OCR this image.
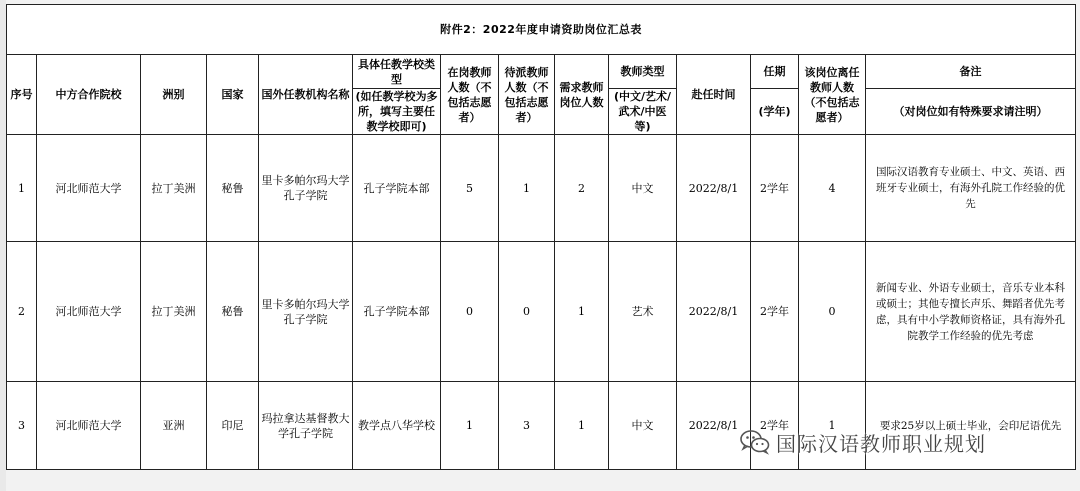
附件2：2022年度申请资助岗位汇总表													
序号	中方合作院校	洲别	国家	国外任教机构名称	具体任教学校类型	在岗教师人数（不包括志愿者）	待派教师人数（不包括志愿者）	需求教师岗位人数	教师类型	赴任时间	任期	该岗位离任教师人数
（不包括志愿者）	备注
					(如任教学校为多所，填写主要任教学校即可)				(中文/艺术/武术/中医等)		(学年)		（对岗位如有特殊要求请注明）
1	河北师范大学	拉丁美洲	秘鲁	里卡多帕尔玛大学孔子学院	孔子学院本部	5	1	2	中文	2022/8/1	2学年	4	国际汉语教育专业硕士、中文、英语、西班牙专业硕士，有海外孔院工作经验的优先
2	河北师范大学	拉丁美洲	秘鲁	里卡多帕尔玛大学孔子学院	孔子学院本部	0	0	1	艺术	2022/8/1	2学年	0	新闻专业、外语专业硕士，音乐专业本科或硕士；其他专擅长声乐、舞蹈者优先考虑，具有中小学教师资格证，具有海外孔院教学工作经验的优先考虑
3	河北师范大学	亚洲	印尼	玛拉拿达基督教大学孔子学院	教学点八华学校	1	3	1	中文	2022/8/1	2学年	1	要求25岁以上硕士毕业，会印尼语优先
国际汉语教师职业规划
